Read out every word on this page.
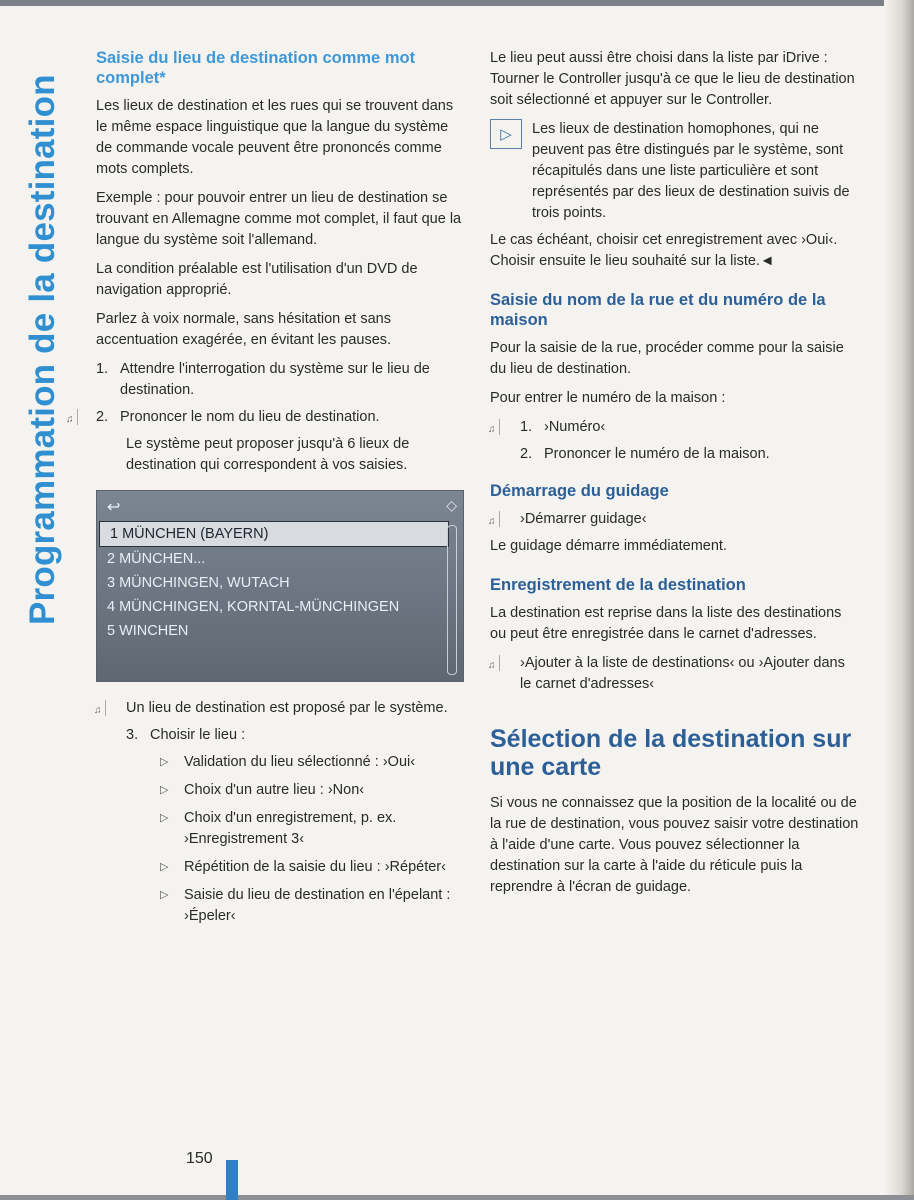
Programmation de la destination
Saisie du lieu de destination comme mot complet*

Les lieux de destination et les rues qui se trouvent dans le même espace linguistique que la langue du système de commande vocale peuvent être prononcés comme mots complets.

Exemple : pour pouvoir entrer un lieu de destination se trouvant en Allemagne comme mot complet, il faut que la langue du système soit l'allemand.

La condition préalable est l'utilisation d'un DVD de navigation approprié.

Parlez à voix normale, sans hésitation et sans accentuation exagérée, en évitant les pauses.

1. Attendre l'interrogation du système sur le lieu de destination.
♫ 2. Prononcer le nom du lieu de destination.

Le système peut proposer jusqu'à 6 lieux de destination qui correspondent à vos saisies.

↩	◇
1 MÜNCHEN (BAYERN)
2 MÜNCHEN...
3 MÜNCHINGEN, WUTACH
4 MÜNCHINGEN, KORNTAL-MÜNCHINGEN
5 WINCHEN
♫ Un lieu de destination est proposé par le système.
3. Choisir le lieu :
▷	Validation du lieu sélectionné : ›Oui‹
▷	Choix d'un autre lieu : ›Non‹
▷	Choix d'un enregistrement, p. ex. ›Enregistrement 3‹
▷	Répétition de la saisie du lieu : ›Répéter‹
▷	Saisie du lieu de destination en l'épelant : ›Épeler‹

Le lieu peut aussi être choisi dans la liste par iDrive :

Tourner le Controller jusqu'à ce que le lieu de destination soit sélectionné et appuyer sur le Controller.

▷	Les lieux de destination homophones, qui ne peuvent pas être distingués par le système, sont récapitulés dans une liste particulière et sont représentés par des lieux de destination suivis de trois points.

Le cas échéant, choisir cet enregistrement avec ›Oui‹. Choisir ensuite le lieu souhaité sur la liste.◄

Saisie du nom de la rue et du numéro de la maison

Pour la saisie de la rue, procéder comme pour la saisie du lieu de destination.

Pour entrer le numéro de la maison :

♫ 1. ›Numéro‹
2. Prononcer le numéro de la maison.
Démarrage du guidage
♫ ›Démarrer guidage‹

Le guidage démarre immédiatement.

Enregistrement de la destination

La destination est reprise dans la liste des destinations ou peut être enregistrée dans le carnet d'adresses.

♫ ›Ajouter à la liste de destinations‹ ou ›Ajouter dans le carnet d'adresses‹
Sélection de la destination sur une carte

Si vous ne connaissez que la position de la localité ou de la rue de destination, vous pouvez saisir votre destination à l'aide d'une carte. Vous pouvez sélectionner la destination sur la carte à l'aide du réticule puis la reprendre à l'écran de guidage.

150
